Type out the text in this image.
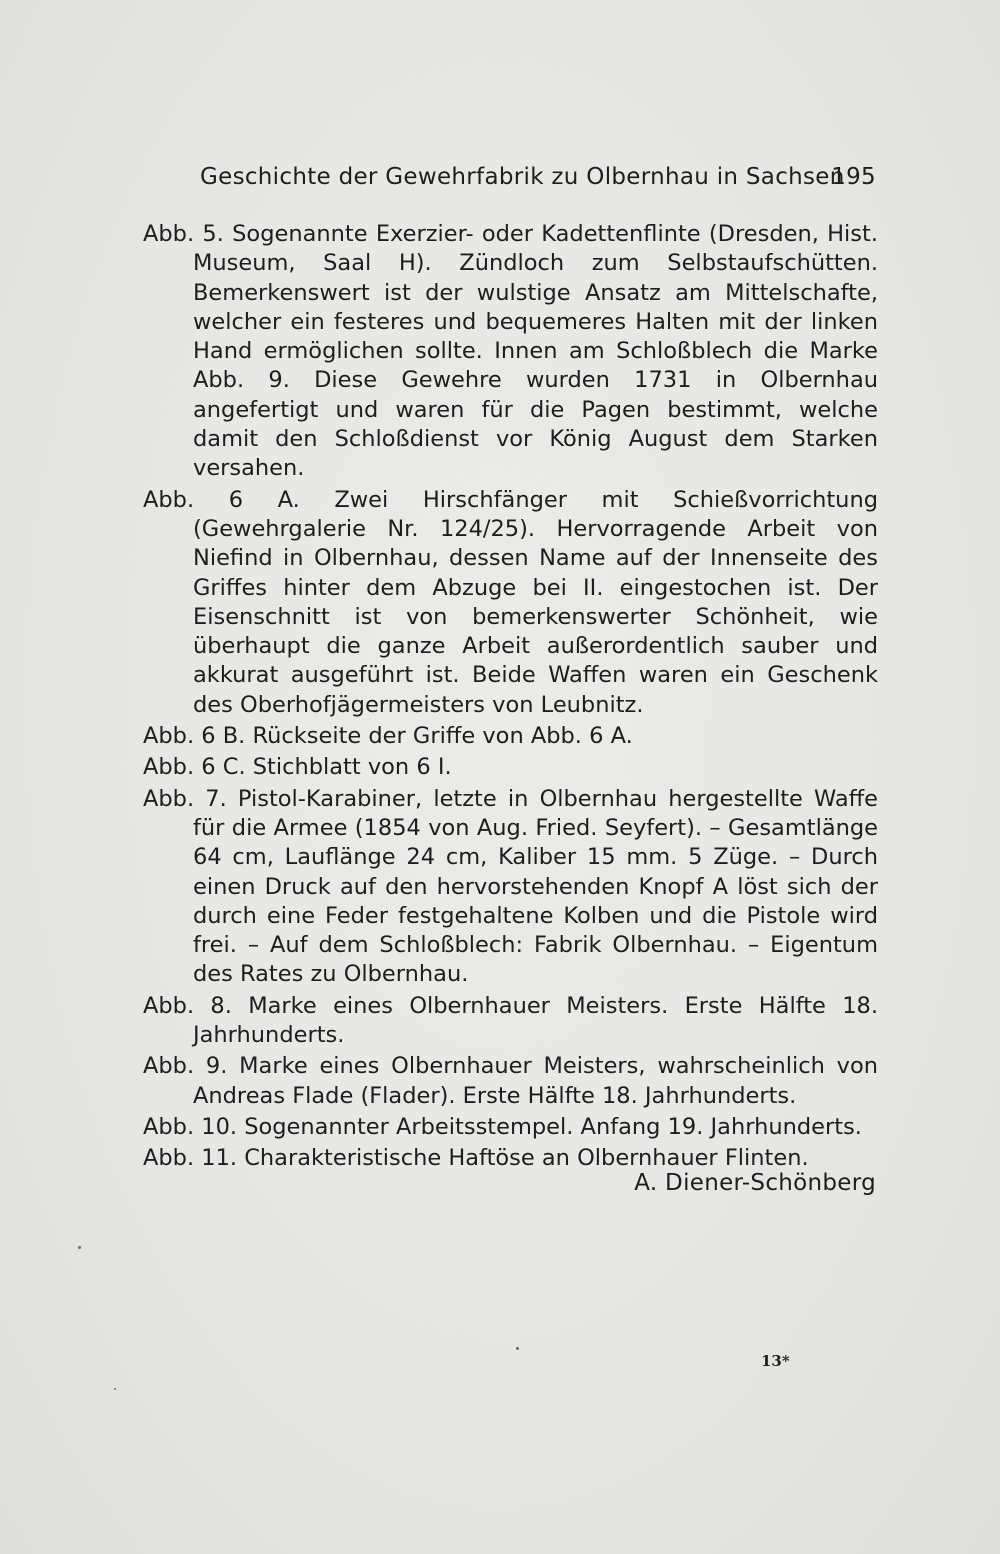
Geschichte der Gewehrfabrik zu Olbernhau in Sachsen
195

Abb. 5. Sogenannte Exerzier- oder Kadettenflinte (Dresden, Hist. Museum, Saal H). Zündloch zum Selbstaufschütten. Bemerkenswert ist der wulstige Ansatz am Mittelschafte, welcher ein festeres und bequemeres Halten mit der linken Hand ermöglichen sollte. Innen am Schloßblech die Marke Abb. 9. Diese Gewehre wurden 1731 in Olbernhau angefertigt und waren für die Pagen bestimmt, welche damit den Schloßdienst vor König August dem Starken versahen.

Abb. 6 A. Zwei Hirschfänger mit Schießvorrichtung (Gewehrgalerie Nr. 124/25). Hervorragende Arbeit von Niefind in Olbernhau, dessen Name auf der Innenseite des Griffes hinter dem Abzuge bei II. eingestochen ist. Der Eisenschnitt ist von bemerkenswerter Schönheit, wie überhaupt die ganze Arbeit außerordentlich sauber und akkurat ausgeführt ist. Beide Waffen waren ein Geschenk des Oberhofjägermeisters von Leubnitz.

Abb. 6 B. Rückseite der Griffe von Abb. 6 A.

Abb. 6 C. Stichblatt von 6 I.

Abb. 7. Pistol-Karabiner, letzte in Olbernhau hergestellte Waffe für die Armee (1854 von Aug. Fried. Seyfert). – Gesamtlänge 64 cm, Lauflänge 24 cm, Kaliber 15 mm. 5 Züge. – Durch einen Druck auf den hervorstehenden Knopf A löst sich der durch eine Feder festgehaltene Kolben und die Pistole wird frei. – Auf dem Schloßblech: Fabrik Olbernhau. – Eigentum des Rates zu Olbernhau.

Abb. 8. Marke eines Olbernhauer Meisters. Erste Hälfte 18. Jahrhunderts.

Abb. 9. Marke eines Olbernhauer Meisters, wahrscheinlich von Andreas Flade (Flader). Erste Hälfte 18. Jahrhunderts.

Abb. 10. Sogenannter Arbeitsstempel. Anfang 19. Jahrhunderts.

Abb. 11. Charakteristische Haftöse an Olbernhauer Flinten.

A. Diener-Schönberg
13*
